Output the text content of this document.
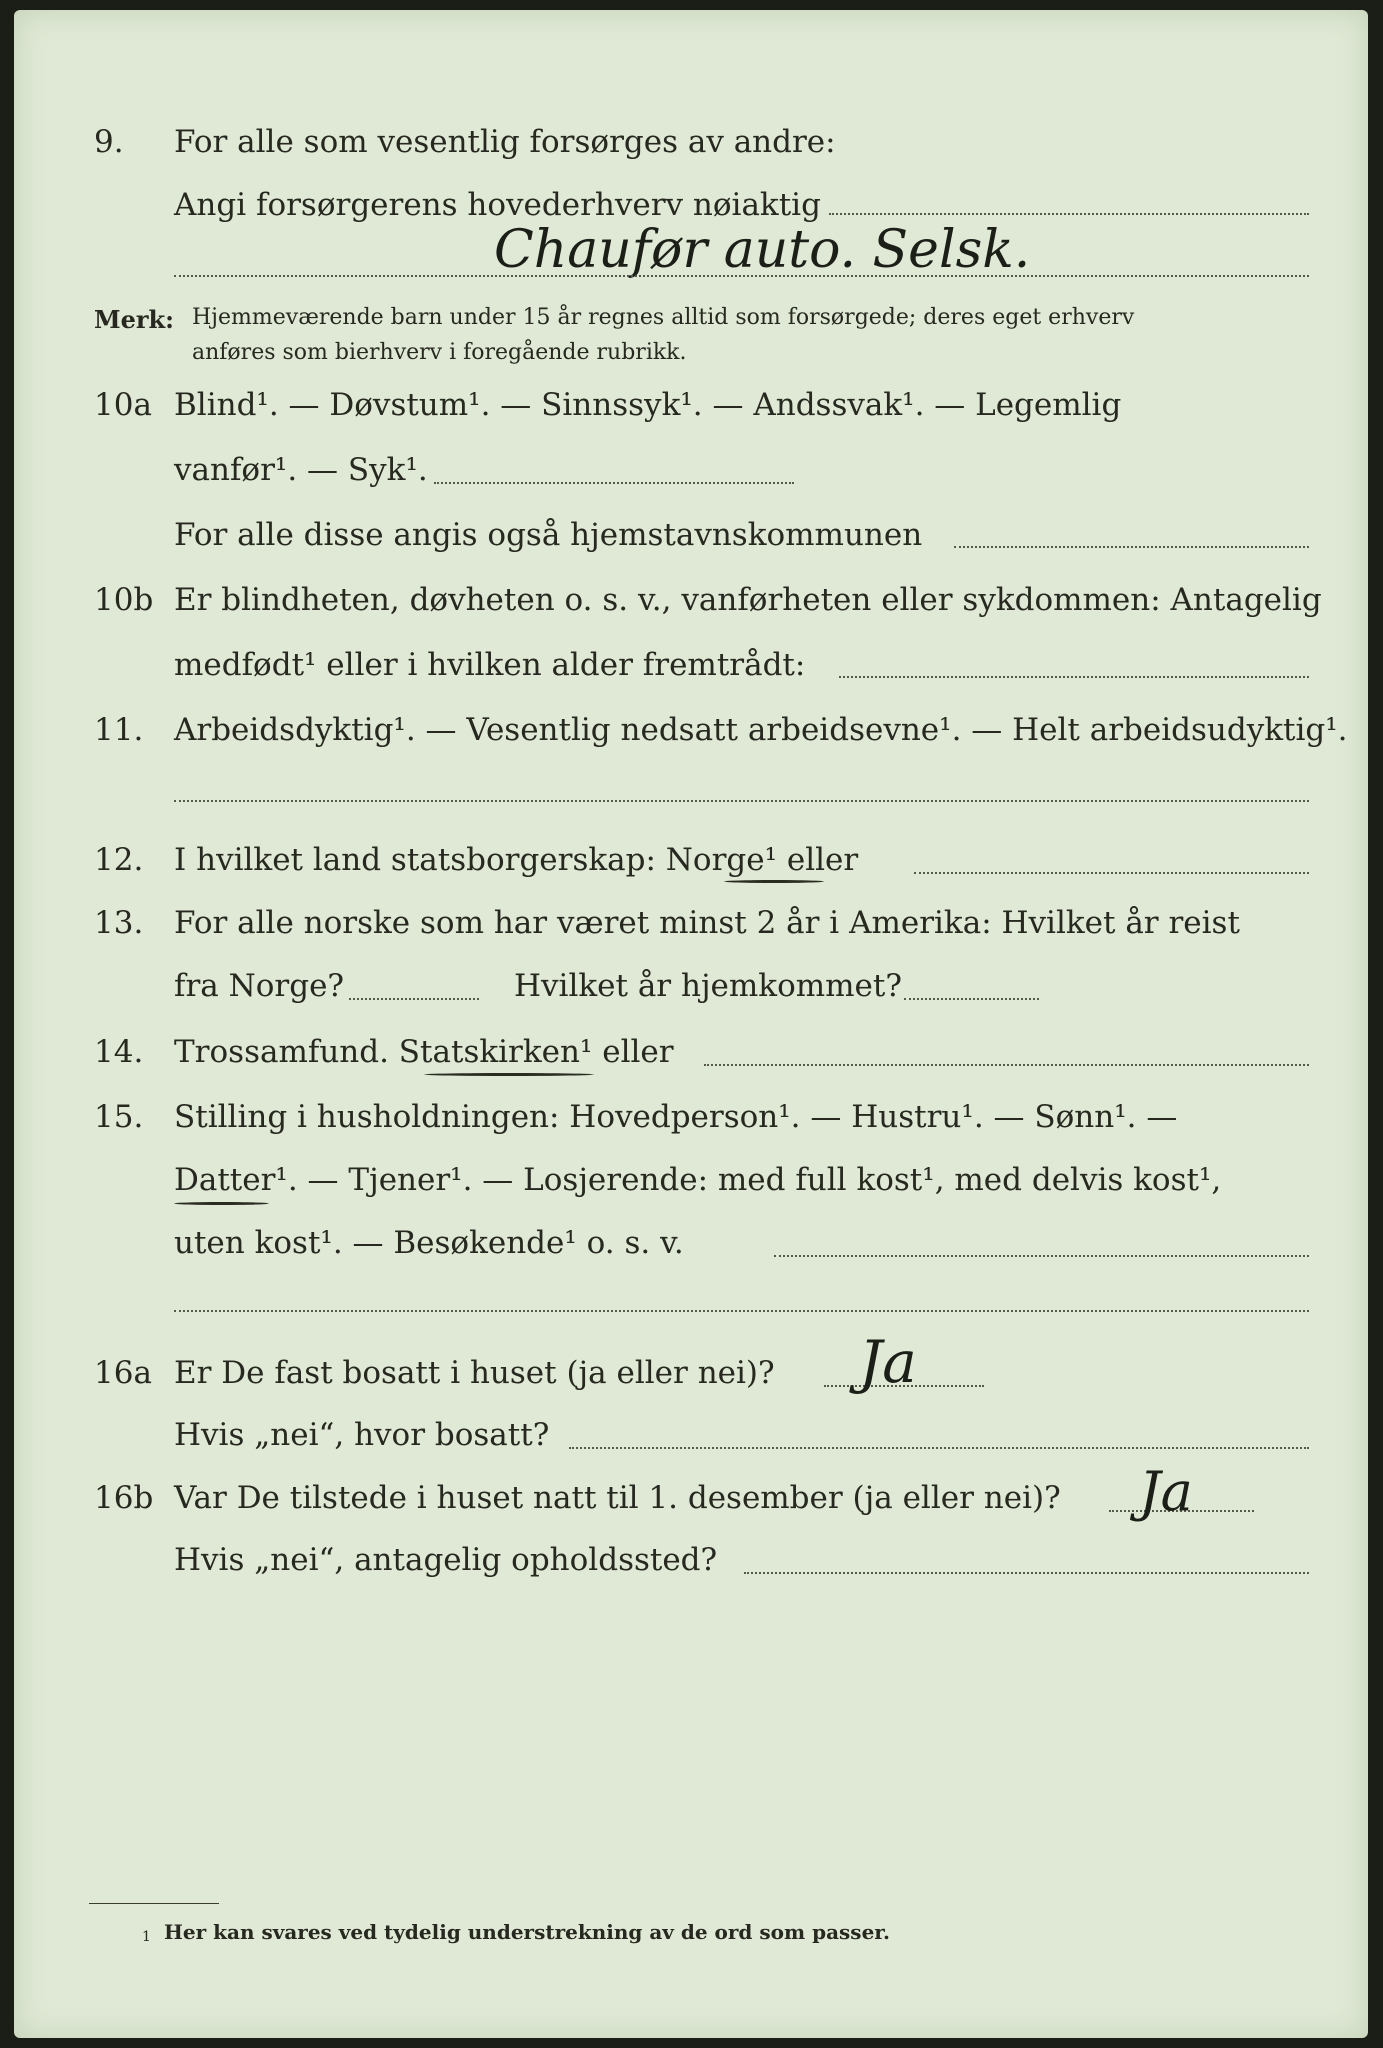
9. For alle som vesentlig forsørges av andre:
Angi forsørgerens hovederhverv nøiaktig
Chaufør auto. Selsk.
Merk: Hjemmeværende barn under 15 år regnes alltid som forsørgede; deres eget erhverv
anføres som bierhverv i foregående rubrikk.
10a Blind¹. — Døvstum¹. — Sinnssyk¹. — Andssvak¹. — Legemlig
vanfør¹. — Syk¹.
For alle disse angis også hjemstavnskommunen
10b Er blindheten, døvheten o. s. v., vanførheten eller sykdommen: Antagelig
medfødt¹ eller i hvilken alder fremtrådt:
11. Arbeidsdyktig¹. — Vesentlig nedsatt arbeidsevne¹. — Helt arbeidsudyktig¹.
12. I hvilket land statsborgerskap: Norge¹ eller
13. For alle norske som har været minst 2 år i Amerika: Hvilket år reist
fra Norge?	Hvilket år hjemkommet?
14. Trossamfund. Statskirken¹ eller
15. Stilling i husholdningen: Hovedperson¹. — Hustru¹. — Sønn¹. —
Datter¹. — Tjener¹. — Losjerende: med full kost¹, med delvis kost¹,
uten kost¹. — Besøkende¹ o. s. v.
16a Er De fast bosatt i huset (ja eller nei)? Ja
Hvis „nei“, hvor bosatt?
16b Var De tilstede i huset natt til 1. desember (ja eller nei)? Ja
Hvis „nei“, antagelig opholdssted?
1 Her kan svares ved tydelig understrekning av de ord som passer.
